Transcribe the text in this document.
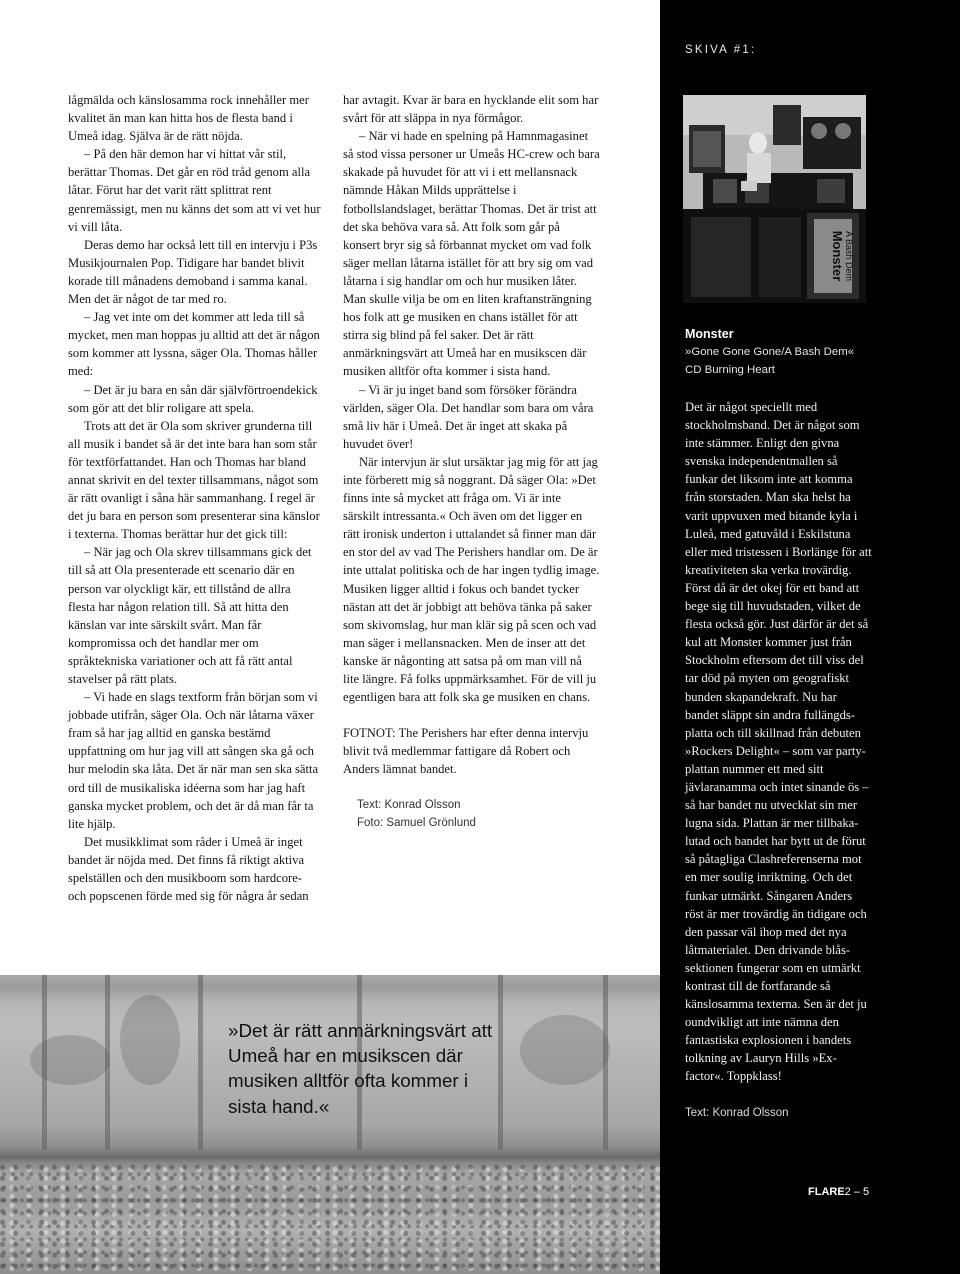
lågmälda och känslosamma rock innehåller mer kvalitet än man kan hitta hos de flesta band i Umeå idag. Själva är de rätt nöjda.

– På den här demon har vi hittat vår stil, berättar Thomas. Det går en röd tråd genom alla låtar. Förut har det varit rätt splittrat rent genremässigt, men nu känns det som att vi vet hur vi vill låta.

Deras demo har också lett till en intervju i P3s Musikjournalen Pop. Tidigare har bandet blivit korade till månadens demoband i samma kanal. Men det är något de tar med ro.

– Jag vet inte om det kommer att leda till så mycket, men man hoppas ju alltid att det är någon som kommer att lyssna, säger Ola. Thomas håller med:

– Det är ju bara en sån där självförtroendekick som gör att det blir roligare att spela.

Trots att det är Ola som skriver grunderna till all musik i bandet så är det inte bara han som står för textförfattandet. Han och Thomas har bland annat skrivit en del texter tillsammans, något som är rätt ovanligt i såna här sammanhang. I regel är det ju bara en person som presenterar sina känslor i texterna. Thomas berättar hur det gick till:

– När jag och Ola skrev tillsammans gick det till så att Ola presenterade ett scenario där en person var olyckligt kär, ett tillstånd de allra flesta har någon relation till. Så att hitta den känslan var inte särskilt svårt. Man får kompromissa och det handlar mer om språktekniska variationer och att få rätt antal stavelser på rätt plats.

– Vi hade en slags textform från början som vi jobbade utifrån, säger Ola. Och när låtarna växer fram så har jag alltid en ganska bestämd uppfattning om hur jag vill att sången ska gå och hur melodin ska låta. Det är när man sen ska sätta ord till de musikaliska idéerna som har jag haft ganska mycket problem, och det är då man får ta lite hjälp.

Det musikklimat som råder i Umeå är inget bandet är nöjda med. Det finns få riktigt aktiva spelställen och den musikboom som hardcore- och popscenen förde med sig för några år sedan

har avtagit. Kvar är bara en hycklande elit som har svårt för att släppa in nya förmågor.

– När vi hade en spelning på Hamnmagasinet så stod vissa personer ur Umeås HC-crew och bara skakade på huvudet för att vi i ett mellansnack nämnde Håkan Milds upprättelse i fotbollslandslaget, berättar Thomas. Det är trist att det ska behöva vara så. Att folk som går på konsert bryr sig så förbannat mycket om vad folk säger mellan låtarna istället för att bry sig om vad låtarna i sig handlar om och hur musiken låter. Man skulle vilja be om en liten kraftansträngning hos folk att ge musiken en chans istället för att stirra sig blind på fel saker. Det är rätt anmärkningsvärt att Umeå har en musikscen där musiken alltför ofta kommer i sista hand.

– Vi är ju inget band som försöker förändra världen, säger Ola. Det handlar som bara om våra små liv här i Umeå. Det är inget att skaka på huvudet över!

När intervjun är slut ursäktar jag mig för att jag inte förberett mig så noggrant. Då säger Ola: »Det finns inte så mycket att fråga om. Vi är inte särskilt intressanta.« Och även om det ligger en rätt ironisk underton i uttalandet så finner man där en stor del av vad The Perishers handlar om. De är inte uttalat politiska och de har ingen tydlig image. Musiken ligger alltid i fokus och bandet tycker nästan att det är jobbigt att behöva tänka på saker som skivomslag, hur man klär sig på scen och vad man säger i mellansnacken. Men de inser att det kanske är någonting att satsa på om man vill nå lite längre. Få folks uppmärksamhet. För de vill ju egentligen bara att folk ska ge musiken en chans.

FOTNOT: The Perishers har efter denna intervju blivit två medlemmar fattigare då Robert och Anders lämnat bandet.

Text: Konrad Olsson
Foto: Samuel Grönlund

»Det är rätt anmärkningsvärt att Umeå har en musikscen där musiken alltför ofta kommer i sista hand.«

SKIVA #1:
Monster A Bash Dem
Monster
»Gone Gone Gone/A Bash Dem«
CD Burning Heart

Det är något speciellt med stockholmsband. Det är något som inte stämmer. Enligt den givna svenska independentmallen så funkar det liksom inte att komma från storstaden. Man ska helst ha varit uppvuxen med bitande kyla i Luleå, med gatuvåld i Eskilstuna eller med tristessen i Borlänge för att kreativiteten ska verka trovärdig. Först då är det okej för ett band att bege sig till huvudstaden, vilket de flesta också gör. Just därför är det så kul att Monster kommer just från Stockholm eftersom det till viss del tar död på myten om geografiskt bunden skapandekraft. Nu har bandet släppt sin andra fullängds-platta och till skillnad från debuten »Rockers Delight« – som var party-plattan nummer ett med sitt jävlaranamma och intet sinande ös – så har bandet nu utvecklat sin mer lugna sida. Plattan är mer tillbaka-lutad och bandet har bytt ut de förut så påtagliga Clashreferenserna mot en mer soulig inriktning. Och det funkar utmärkt. Sångaren Anders röst är mer trovärdig än tidigare och den passar väl ihop med det nya låtmaterialet. Den drivande blås-sektionen fungerar som en utmärkt kontrast till de fortfarande så känslosamma texterna. Sen är det ju oundvikligt att inte nämna den fantastiska explosionen i bandets tolkning av Lauryn Hills »Ex-factor«. Toppklass!

Text: Konrad Olsson
FLARE2 – 5
